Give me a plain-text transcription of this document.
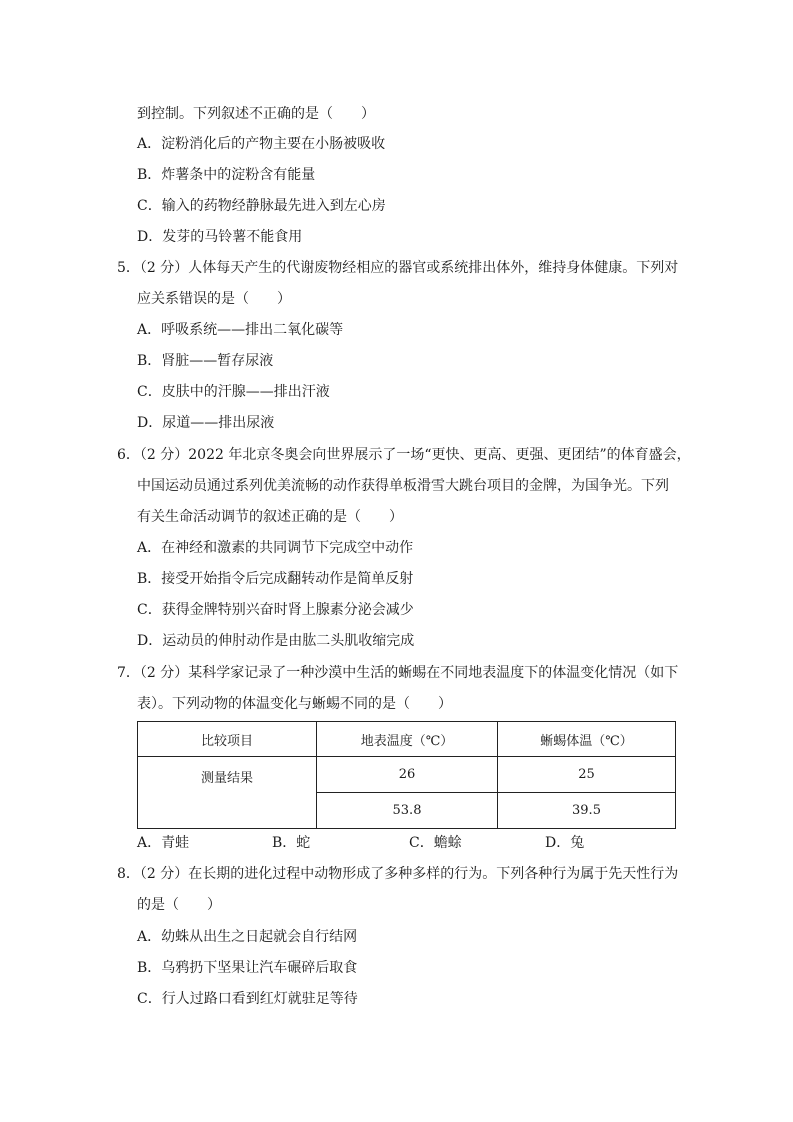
到控制。下列叙述不正确的是（　　）
A．淀粉消化后的产物主要在小肠被吸收
B．炸薯条中的淀粉含有能量
C．输入的药物经静脉最先进入到左心房
D．发芽的马铃薯不能食用
5．（2 分）人体每天产生的代谢废物经相应的器官或系统排出体外，维持身体健康。下列对
应关系错误的是（　　）
A．呼吸系统——排出二氧化碳等
B．肾脏——暂存尿液
C．皮肤中的汗腺——排出汗液
D．尿道——排出尿液
6．（2 分）2022 年北京冬奥会向世界展示了一场“更快、更高、更强、更团结”的体育盛会，
中国运动员通过系列优美流畅的动作获得单板滑雪大跳台项目的金牌，为国争光。下列
有关生命活动调节的叙述正确的是（　　）
A．在神经和激素的共同调节下完成空中动作
B．接受开始指令后完成翻转动作是简单反射
C．获得金牌特别兴奋时肾上腺素分泌会减少
D．运动员的伸肘动作是由肱二头肌收缩完成
7．（2 分）某科学家记录了一种沙漠中生活的蜥蜴在不同地表温度下的体温变化情况（如下
表）。下列动物的体温变化与蜥蜴不同的是（　　）
比较项目	地表温度（℃）	蜥蜴体温（℃）
测量结果	26	25
	53.8	39.5
A．青蛙	B．蛇	C．蟾蜍	D．兔
8．（2 分）在长期的进化过程中动物形成了多种多样的行为。下列各种行为属于先天性行为
的是（　　）
A．幼蛛从出生之日起就会自行结网
B．乌鸦扔下坚果让汽车碾碎后取食
C．行人过路口看到红灯就驻足等待
